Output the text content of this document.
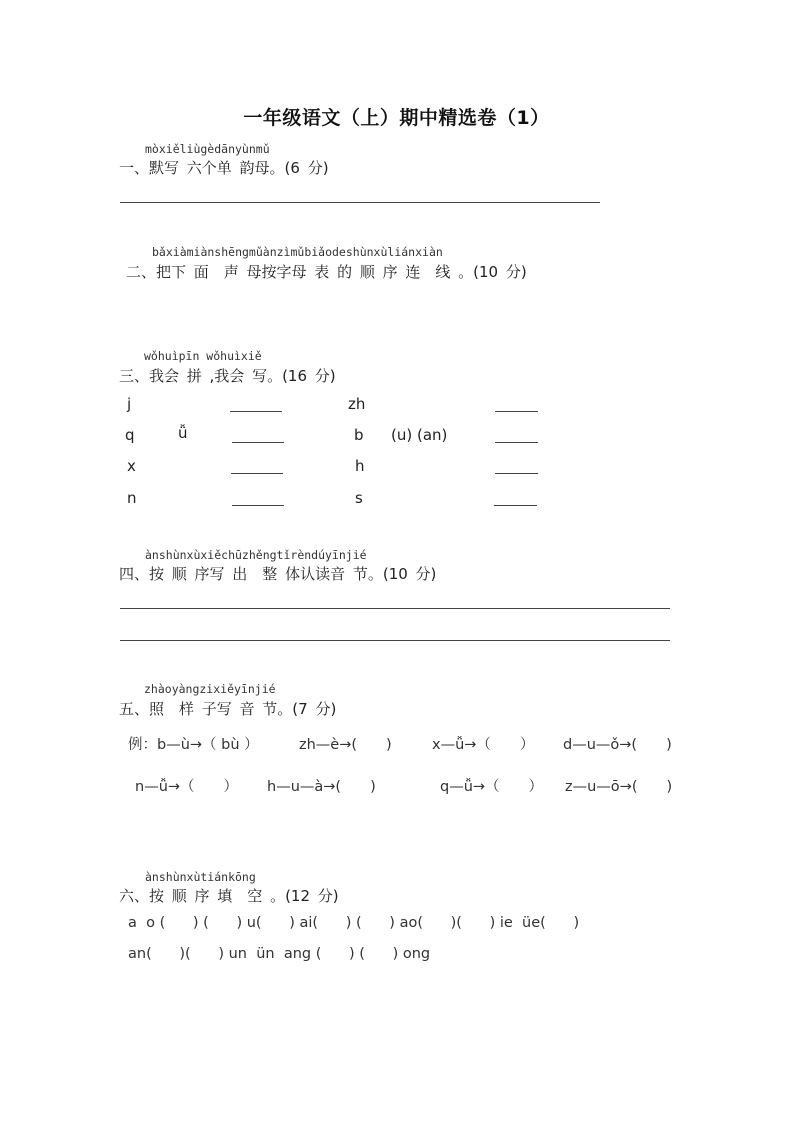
一年级语文（上）期中精选卷（1）
mòxiěliùgèdānyùnmǔ
一、默写 六个单 韵母。(6 分)
bǎxiàmiànshēngmǔànzìmǔbiǎodeshùnxùliánxiàn
二、把下 面　声 母按字母 表 的 顺 序 连　线 。(10 分)
wǒhuìpīn wǒhuìxiě
三、我会 拼 ,我会 写。(16 分)
j	zh
q	ǚ	b (u) (an)
x	h
n	s
ànshùnxùxiěchūzhěngtǐrèndúyīnjié
四、按 顺 序写 出　整 体认读音 节。(10 分)
zhàoyàngzixiěyīnjié
五、照　样 子写 音 节。(7 分)
例：b—ù→（ bù ）	zh—è→(　　)	x—ǚ→（　　） d—u—ǒ→(　　)
n—ǚ→（　　） h—u—à→(　　)	q—ǚ→（　　） z—u—ō→(　　)
ànshùnxùtiánkōng
六、按 顺 序 填　空 。(12 分)
a  o (      ) (      ) u(      ) ai(      ) (      ) ao(      )(      ) ie  üe(      )
an(      )(      ) un  ün  ang (      ) (      ) ong
